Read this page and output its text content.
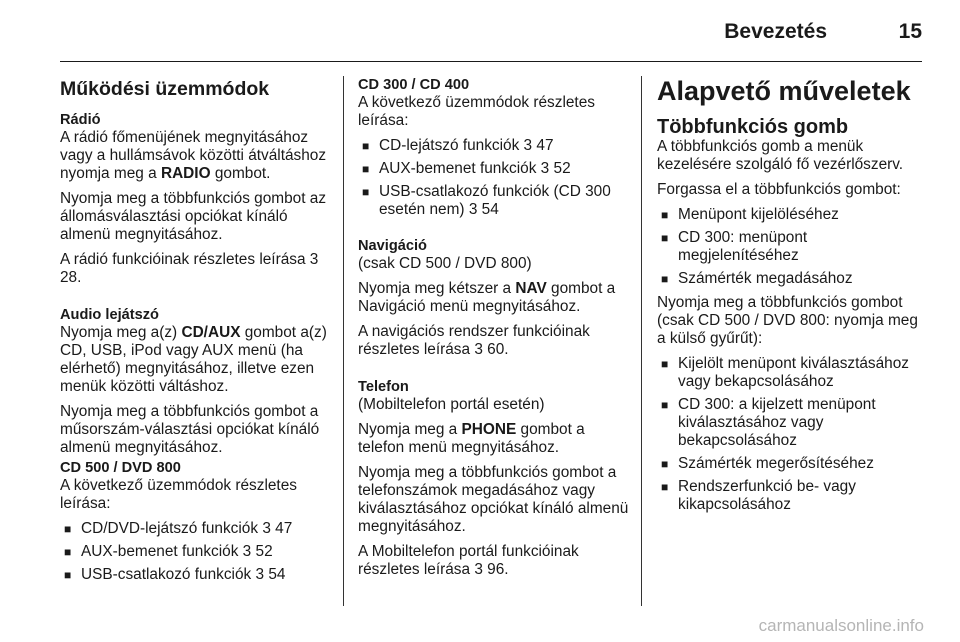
Bevezetés	15
Működési üzemmódok
Rádió

A rádió főmenüjének megnyitásához vagy a hullámsávok közötti átváltáshoz nyomja meg a RADIO gombot.

Nyomja meg a többfunkciós gombot az állomásválasztási opciókat kínáló almenü megnyitásához.

A rádió funkcióinak részletes leírása 3 28.

Audio lejátszó

Nyomja meg a(z) CD/AUX gombot a(z) CD, USB, iPod vagy AUX menü (ha elérhető) megnyitásához, illetve ezen menük közötti váltáshoz.

Nyomja meg a többfunkciós gombot a műsorszám-választási opciókat kínáló almenü megnyitásához.

CD 500 / DVD 800

A következő üzemmódok részletes leírása:

■ CD/DVD-lejátszó funkciók 3 47
■ AUX-bemenet funkciók 3 52
■ USB-csatlakozó funkciók 3 54
CD 300 / CD 400

A következő üzemmódok részletes leírása:

■ CD-lejátszó funkciók 3 47
■ AUX-bemenet funkciók 3 52
■ USB-csatlakozó funkciók (CD 300 esetén nem) 3 54
Navigáció

(csak CD 500 / DVD 800)

Nyomja meg kétszer a NAV gombot a Navigáció menü megnyitásához.

A navigációs rendszer funkcióinak részletes leírása 3 60.

Telefon

(Mobiltelefon portál esetén)

Nyomja meg a PHONE gombot a telefon menü megnyitásához.

Nyomja meg a többfunkciós gombot a telefonszámok megadásához vagy kiválasztásához opciókat kínáló almenü megnyitásához.

A Mobiltelefon portál funkcióinak részletes leírása 3 96.

Alapvető műveletek
Többfunkciós gomb

A többfunkciós gomb a menük kezelésére szolgáló fő vezérlőszerv.

Forgassa el a többfunkciós gombot:

■ Menüpont kijelöléséhez
■ CD 300: menüpont megjelenítéséhez
■ Számérték megadásához

Nyomja meg a többfunkciós gombot (csak CD 500 / DVD 800: nyomja meg a külső gyűrűt):

■ Kijelölt menüpont kiválasztásához vagy bekapcsolásához
■ CD 300: a kijelzett menüpont kiválasztásához vagy bekapcsolásához
■ Számérték megerősítéséhez
■ Rendszerfunkció be- vagy kikapcsolásához
carmanualsonline.info
